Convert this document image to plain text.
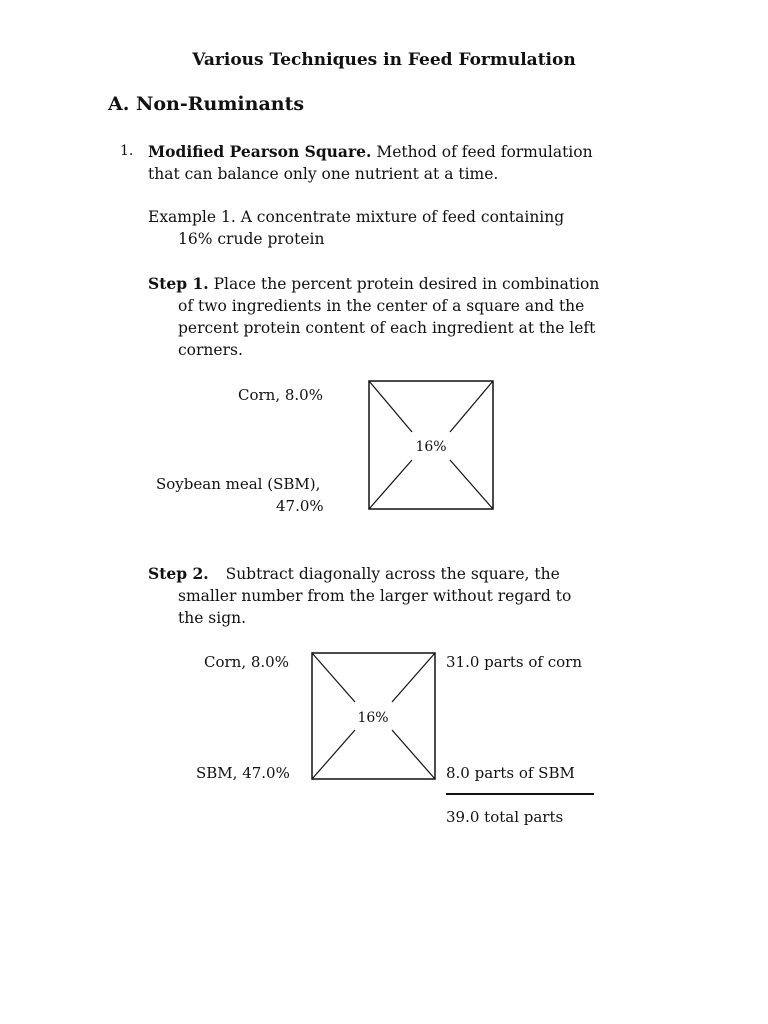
Various Techniques in Feed Formulation
A. Non-Ruminants
1. Modified Pearson Square. Method of feed formulation
that can balance only one nutrient at a time.
Example 1. A concentrate mixture of feed containing
16% crude protein
Step 1. Place the percent protein desired in combination
of two ingredients in the center of a square and the
percent protein content of each ingredient at the left
corners.
Corn, 8.0%
Soybean meal (SBM),
47.0%
16%
Step 2. Subtract diagonally across the square, the
smaller number from the larger without regard to
the sign.
Corn, 8.0%
SBM, 47.0%
16%
31.0 parts of corn
8.0 parts of SBM
39.0 total parts
